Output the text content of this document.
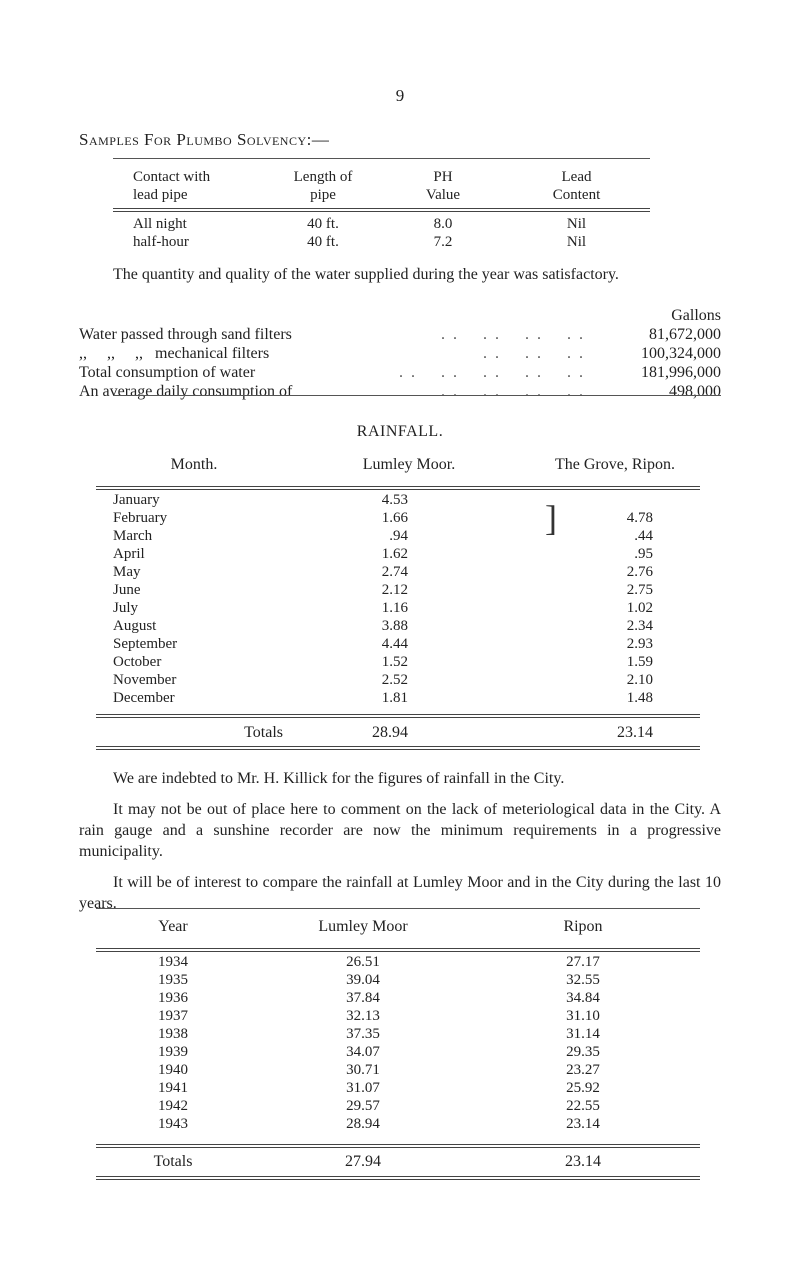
9
Samples For Plumbo Solvency:—
Contact with	Length of	PH	Lead
lead pipe	pipe	Value	Content
All night	40 ft.	8.0	Nil
half-hour	40 ft.	7.2	Nil

The quantity and quality of the water supplied during the year was satisfactory.

		Gallons
Water passed through sand filters	. .    . .    . .    . .	81,672,000
,,     ,,     ,,   mechanical filters	. .    . .    . .	100,324,000
Total consumption of water	. .    . .    . .    . .    . .	181,996,000
An average daily consumption of	. .    . .    . .    . .	498,000
RAINFALL.
Month.	Lumley Moor.	The Grove, Ripon.
January	4.53	
February	1.66	4.78
March	.94	.44
April	1.62	.95
May	2.74	2.76
June	2.12	2.75
July	1.16	1.02
August	3.88	2.34
September	4.44	2.93
October	1.52	1.59
November	2.52	2.10
December	1.81	1.48
]
Totals	28.94	23.14

We are indebted to Mr. H. Killick for the figures of rainfall in the City.

It may not be out of place here to comment on the lack of meteriological data in the City. A rain gauge and a sunshine recorder are now the minimum requirements in a progressive municipality.

It will be of interest to compare the rainfall at Lumley Moor and in the City during the last 10 years.

Year	Lumley Moor	Ripon
1934	26.51	27.17
1935	39.04	32.55
1936	37.84	34.84
1937	32.13	31.10
1938	37.35	31.14
1939	34.07	29.35
1940	30.71	23.27
1941	31.07	25.92
1942	29.57	22.55
1943	28.94	23.14
Totals	27.94	23.14
